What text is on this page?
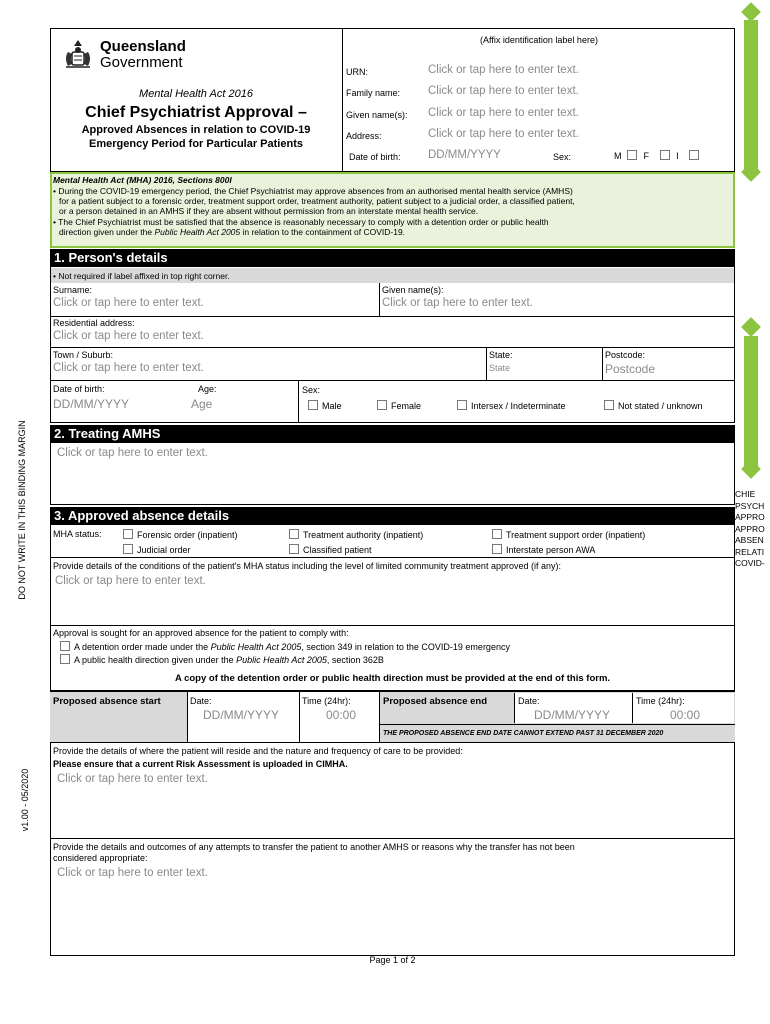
DO NOT WRITE IN THIS BINDING MARGIN
v1.00 - 05/2020
CHIE
PSYCH
APPRO
APPRO
ABSEN
RELATI
COVID-
Queensland
Government
Mental Health Act 2016
Chief Psychiatrist Approval –
Approved Absences in relation to COVID-19
Emergency Period for Particular Patients
(Affix identification label here)
URN:	Click or tap here to enter text.
Family name: Click or tap here to enter text.
Given name(s): Click or tap here to enter text.
Address:	Click or tap here to enter text.
Date of birth: DD/MM/YYYY	Sex:	M F	I
Mental Health Act (MHA) 2016, Sections 800I
• During the COVID-19 emergency period, the Chief Psychiatrist may approve absences from an authorised mental health service (AMHS)
for a patient subject to a forensic order, treatment support order, treatment authority, patient subject to a judicial order, a classified patient,
or a person detained in an AMHS if they are absent without permission from an interstate mental health service.
• The Chief Psychiatrist must be satisfied that the absence is reasonably necessary to comply with a detention order or public health
direction given under the Public Health Act 2005 in relation to the containment of COVID-19.
1. Person's details
• Not required if label affixed in top right corner.
Surname:
Click or tap here to enter text.
Given name(s):
Click or tap here to enter text.
Residential address:
Click or tap here to enter text.
Town / Suburb:
Click or tap here to enter text.
State:
State
Postcode:
Postcode
Date of birth:
DD/MM/YYYY
Age:
Age
Sex:
Male	Female	Intersex / Indeterminate	Not stated / unknown
2. Treating AMHS
Click or tap here to enter text.
3. Approved absence details
MHA status:	Forensic order (inpatient)	Treatment authority (inpatient)	Treatment support order (inpatient)
Judicial order	Classified patient	Interstate person AWA
Provide details of the conditions of the patient's MHA status including the level of limited community treatment approved (if any):
Click or tap here to enter text.
Approval is sought for an approved absence for the patient to comply with:
A detention order made under the Public Health Act 2005, section 349 in relation to the COVID-19 emergency
A public health direction given under the Public Health Act 2005, section 362B
A copy of the detention order or public health direction must be provided at the end of this form.
Proposed absence start	Date:
DD/MM/YYYY
Time (24hr):
00:00
Proposed absence end	Date:
DD/MM/YYYY
Time (24hr):
00:00
THE PROPOSED ABSENCE END DATE CANNOT EXTEND PAST 31 DECEMBER 2020
Provide the details of where the patient will reside and the nature and frequency of care to be provided:
Please ensure that a current Risk Assessment is uploaded in CIMHA.
Click or tap here to enter text.
Provide the details and outcomes of any attempts to transfer the patient to another AMHS or reasons why the transfer has not been
considered appropriate:
Click or tap here to enter text.
Page 1 of 2
